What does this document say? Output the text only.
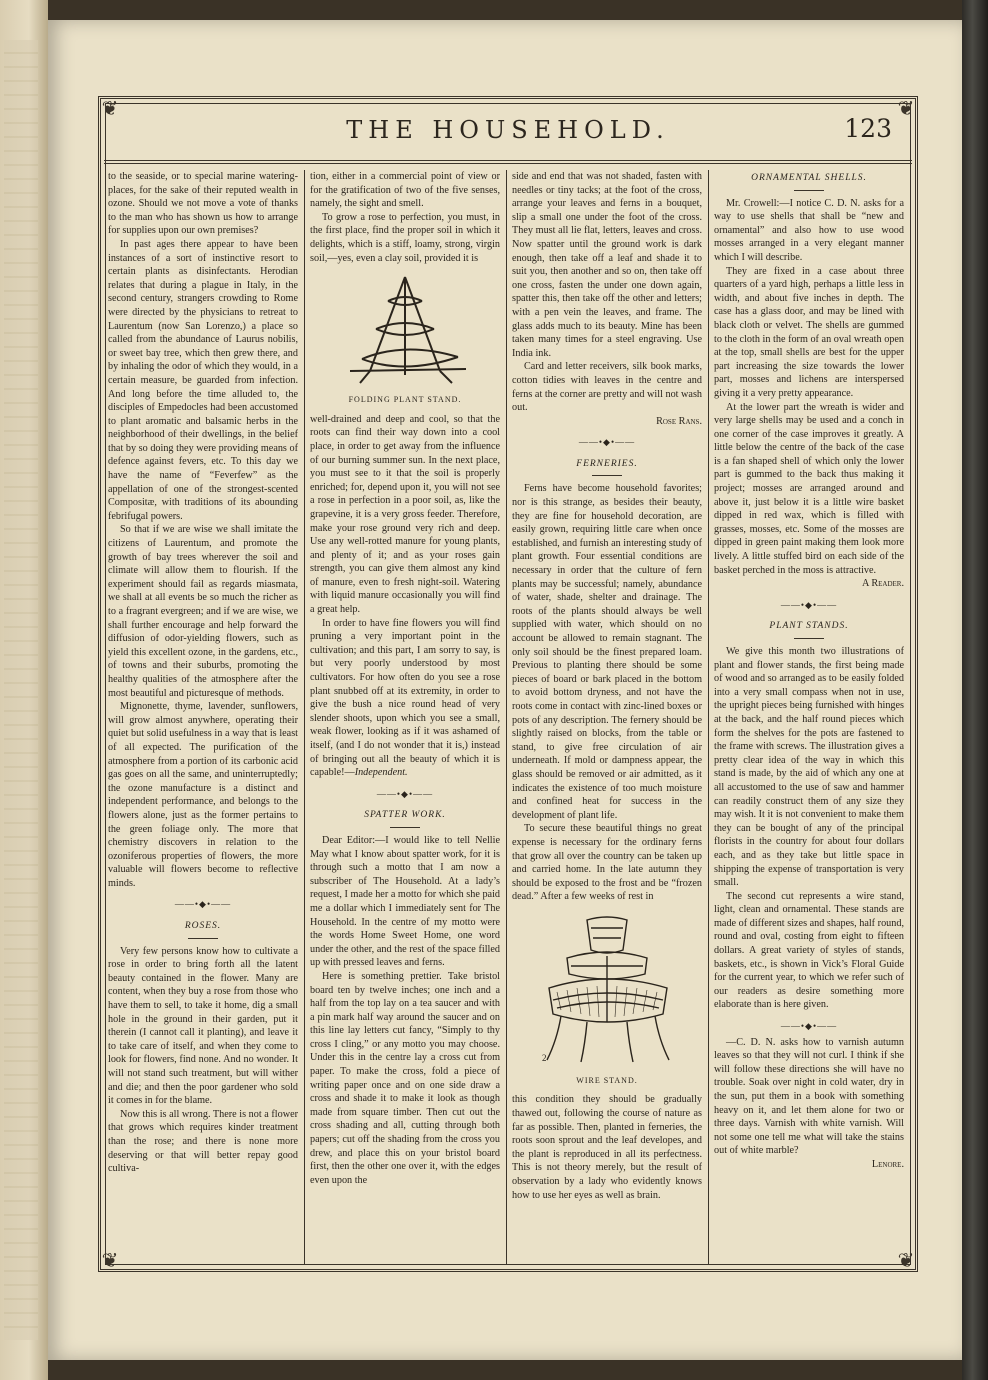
❦	❦
❦	❦
THE HOUSEHOLD.	123

to the seaside, or to special marine watering-places, for the sake of their reputed wealth in ozone. Should we not move a vote of thanks to the man who has shown us how to arrange for supplies upon our own premises?

In past ages there appear to have been instances of a sort of instinctive resort to certain plants as disinfectants. Herodian relates that during a plague in Italy, in the second century, strangers crowding to Rome were directed by the physicians to retreat to Laurentum (now San Lorenzo,) a place so called from the abundance of Laurus nobilis, or sweet bay tree, which then grew there, and by inhaling the odor of which they would, in a certain measure, be guarded from infection. And long before the time alluded to, the disciples of Empedocles had been accustomed to plant aromatic and balsamic herbs in the neighborhood of their dwellings, in the belief that by so doing they were providing means of defence against fevers, etc. To this day we have the name of “Feverfew” as the appellation of one of the strongest-scented Compositæ, with traditions of its abounding febrifugal powers.

So that if we are wise we shall imitate the citizens of Laurentum, and promote the growth of bay trees wherever the soil and climate will allow them to flourish. If the experiment should fail as regards miasmata, we shall at all events be so much the richer as to a fragrant evergreen; and if we are wise, we shall further encourage and help forward the diffusion of odor-yielding flowers, such as yield this excellent ozone, in the gardens, etc., of towns and their suburbs, promoting the healthy qualities of the atmosphere after the most beautiful and picturesque of methods.

Mignonette, thyme, lavender, sunflowers, will grow almost anywhere, operating their quiet but solid usefulness in a way that is least of all expected. The purification of the atmosphere from a portion of its carbonic acid gas goes on all the same, and uninterruptedly; the ozone manufacture is a distinct and independent performance, and belongs to the flowers alone, just as the former pertains to the green foliage only. The more that chemistry discovers in relation to the ozoniferous properties of flowers, the more valuable will flowers become to reflective minds.

——•◆•——
ROSES.

Very few persons know how to cultivate a rose in order to bring forth all the latent beauty contained in the flower. Many are content, when they buy a rose from those who have them to sell, to take it home, dig a small hole in the ground in their garden, put it therein (I cannot call it planting), and leave it to take care of itself, and when they come to look for flowers, find none. And no wonder. It will not stand such treatment, but will wither and die; and then the poor gardener who sold it comes in for the blame.

Now this is all wrong. There is not a flower that grows which requires kinder treatment than the rose; and there is none more deserving or that will better repay good cultiva-

tion, either in a commercial point of view or for the gratification of two of the five senses, namely, the sight and smell.

To grow a rose to perfection, you must, in the first place, find the proper soil in which it delights, which is a stiff, loamy, strong, virgin soil,—yes, even a clay soil, provided it is

FOLDING PLANT STAND.

well-drained and deep and cool, so that the roots can find their way down into a cool place, in order to get away from the influence of our burning summer sun. In the next place, you must see to it that the soil is properly enriched; for, depend upon it, you will not see a rose in perfection in a poor soil, as, like the grapevine, it is a very gross feeder. Therefore, make your rose ground very rich and deep. Use any well-rotted manure for young plants, and plenty of it; and as your roses gain strength, you can give them almost any kind of manure, even to fresh night-soil. Watering with liquid manure occasionally you will find a great help.

In order to have fine flowers you will find pruning a very important point in the cultivation; and this part, I am sorry to say, is but very poorly understood by most cultivators. For how often do you see a rose plant snubbed off at its extremity, in order to give the bush a nice round head of very slender shoots, upon which you see a small, weak flower, looking as if it was ashamed of itself, (and I do not wonder that it is,) instead of bringing out all the beauty of which it is capable!—Independent.

——•◆•——
SPATTER WORK.

Dear Editor:—I would like to tell Nellie May what I know about spatter work, for it is through such a motto that I am now a subscriber of The Household. At a lady’s request, I made her a motto for which she paid me a dollar which I immediately sent for The Household. In the centre of my motto were the words Home Sweet Home, one word under the other, and the rest of the space filled up with pressed leaves and ferns.

Here is something prettier. Take bristol board ten by twelve inches; one inch and a half from the top lay on a tea saucer and with a pin mark half way around the saucer and on this line lay letters cut fancy, “Simply to thy cross I cling,” or any motto you may choose. Under this in the centre lay a cross cut from paper. To make the cross, fold a piece of writing paper once and on one side draw a cross and shade it to make it look as though made from square timber. Then cut out the cross shading and all, cutting through both papers; cut off the shading from the cross you drew, and place this on your bristol board first, then the other one over it, with the edges even upon the

side and end that was not shaded, fasten with needles or tiny tacks; at the foot of the cross, arrange your leaves and ferns in a bouquet, slip a small one under the foot of the cross. They must all lie flat, letters, leaves and cross. Now spatter until the ground work is dark enough, then take off a leaf and shade it to suit you, then another and so on, then take off one cross, fasten the under one down again, spatter this, then take off the other and letters; with a pen vein the leaves, and frame. The glass adds much to its beauty. Mine has been taken many times for a steel engraving. Use India ink.

Card and letter receivers, silk book marks, cotton tidies with leaves in the centre and ferns at the corner are pretty and will not wash out.

Rose Rans.

——•◆•——
FERNERIES.

Ferns have become household favorites; nor is this strange, as besides their beauty, they are fine for household decoration, are easily grown, requiring little care when once established, and furnish an interesting study of plant growth. Four essential conditions are necessary in order that the culture of fern plants may be successful; namely, abundance of water, shade, shelter and drainage. The roots of the plants should always be well supplied with water, which should on no account be allowed to remain stagnant. The only soil should be the finest prepared loam. Previous to planting there should be some pieces of board or bark placed in the bottom to avoid bottom dryness, and not have the roots come in contact with zinc-lined boxes or pots of any description. The fernery should be slightly raised on blocks, from the table or stand, to give free circulation of air underneath. If mold or dampness appear, the glass should be removed or air admitted, as it indicates the existence of too much moisture and confined heat for success in the development of plant life.

To secure these beautiful things no great expense is necessary for the ordinary ferns that grow all over the country can be taken up and carried home. In the late autumn they should be exposed to the frost and be “frozen dead.” After a few weeks of rest in

2
WIRE STAND.

this condition they should be gradually thawed out, following the course of nature as far as possible. Then, planted in ferneries, the roots soon sprout and the leaf developes, and the plant is reproduced in all its perfectness. This is not theory merely, but the result of observation by a lady who evidently knows how to use her eyes as well as brain.

ORNAMENTAL SHELLS.

Mr. Crowell:—I notice C. D. N. asks for a way to use shells that shall be “new and ornamental” and also how to use wood mosses arranged in a very elegant manner which I will describe.

They are fixed in a case about three quarters of a yard high, perhaps a little less in width, and about five inches in depth. The case has a glass door, and may be lined with black cloth or velvet. The shells are gummed to the cloth in the form of an oval wreath open at the top, small shells are best for the upper part increasing the size towards the lower part, mosses and lichens are interspersed giving it a very pretty appearance.

At the lower part the wreath is wider and very large shells may be used and a conch in one corner of the case improves it greatly. A little below the centre of the back of the case is a fan shaped shell of which only the lower part is gummed to the back thus making it project; mosses are arranged around and above it, just below it is a little wire basket dipped in red wax, which is filled with grasses, mosses, etc. Some of the mosses are dipped in green paint making them look more lively. A little stuffed bird on each side of the basket perched in the moss is attractive.

A Reader.

——•◆•——
PLANT STANDS.

We give this month two illustrations of plant and flower stands, the first being made of wood and so arranged as to be easily folded into a very small compass when not in use, the upright pieces being furnished with hinges at the back, and the half round pieces which form the shelves for the pots are fastened to the frame with screws. The illustration gives a pretty clear idea of the way in which this stand is made, by the aid of which any one at all accustomed to the use of saw and hammer can readily construct them of any size they may wish. It it is not convenient to make them they can be bought of any of the principal florists in the country for about four dollars each, and as they take but little space in shipping the expense of transportation is very small.

The second cut represents a wire stand, light, clean and ornamental. These stands are made of different sizes and shapes, half round, round and oval, costing from eight to fifteen dollars. A great variety of styles of stands, baskets, etc., is shown in Vick’s Floral Guide for the current year, to which we refer such of our readers as desire something more elaborate than is here given.

——•◆•——

—C. D. N. asks how to varnish autumn leaves so that they will not curl. I think if she will follow these directions she will have no trouble. Soak over night in cold water, dry in the sun, put them in a book with something heavy on it, and let them alone for two or three days. Varnish with white varnish. Will not some one tell me what will take the stains out of white marble?

Lenore.
